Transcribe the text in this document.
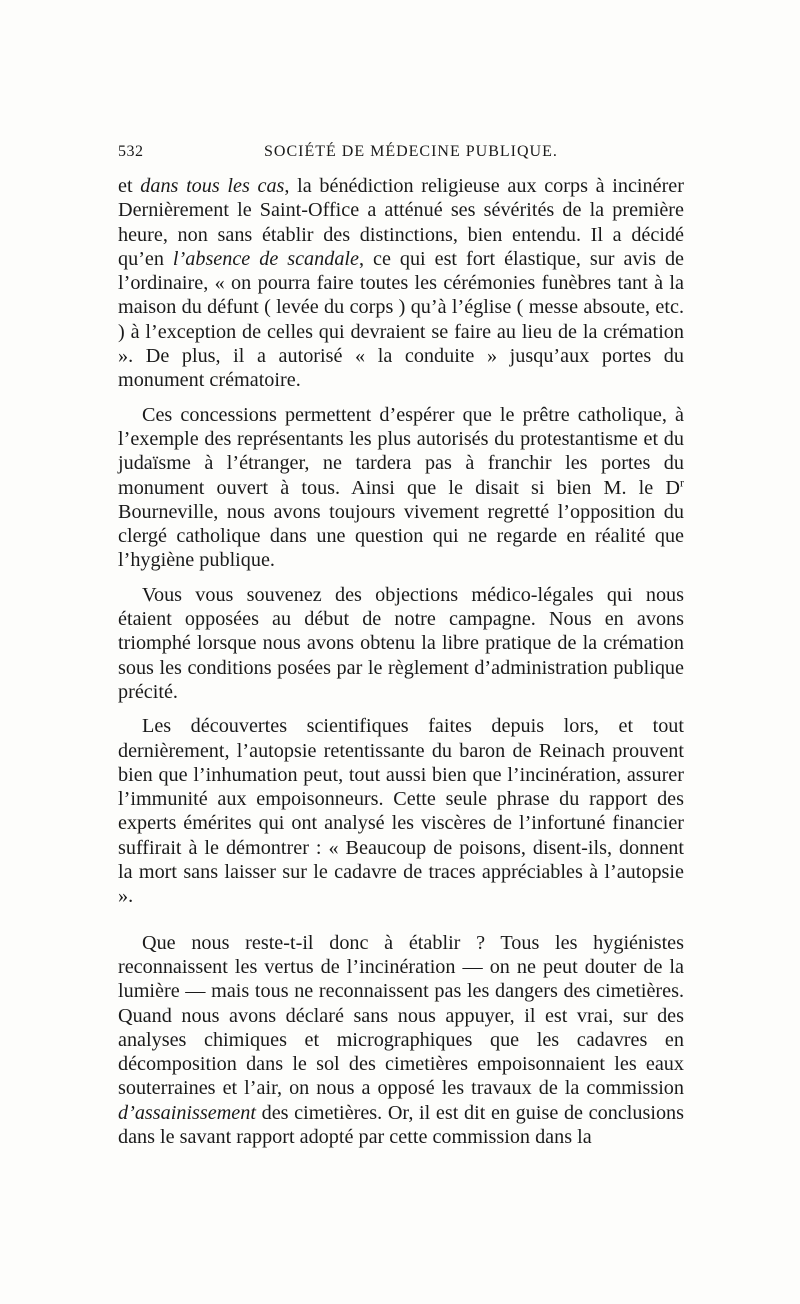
532	SOCIÉTÉ DE MÉDECINE PUBLIQUE.

et dans tous les cas, la bénédiction religieuse aux corps à incinérer Dernièrement le Saint-Office a atténué ses sévérités de la première heure, non sans établir des distinctions, bien entendu. Il a décidé qu’en l’absence de scandale, ce qui est fort élastique, sur avis de l’ordinaire, « on pourra faire toutes les cérémonies funèbres tant à la maison du défunt ( levée du corps ) qu’à l’église ( messe absoute, etc. ) à l’exception de celles qui devraient se faire au lieu de la crémation ». De plus, il a autorisé « la conduite » jusqu’aux portes du monument crématoire.

Ces concessions permettent d’espérer que le prêtre catholique, à l’exemple des représentants les plus autorisés du protestantisme et du judaïsme à l’étranger, ne tardera pas à franchir les portes du monument ouvert à tous. Ainsi que le disait si bien M. le $D^r$ Bourneville, nous avons toujours vivement regretté l’opposition du clergé catholique dans une question qui ne regarde en réalité que l’hygiène publique.

Vous vous souvenez des objections médico-légales qui nous étaient opposées au début de notre campagne. Nous en avons triomphé lorsque nous avons obtenu la libre pratique de la crémation sous les conditions posées par le règlement d’administration publique précité.

Les découvertes scientifiques faites depuis lors, et tout dernièrement, l’autopsie retentissante du baron de Reinach prouvent bien que l’inhumation peut, tout aussi bien que l’incinération, assurer l’immunité aux empoisonneurs. Cette seule phrase du rapport des experts émérites qui ont analysé les viscères de l’infortuné financier suffirait à le démontrer : « Beaucoup de poisons, disent-ils, donnent la mort sans laisser sur le cadavre de traces appréciables à l’autopsie ».

Que nous reste-t-il donc à établir ? Tous les hygiénistes reconnaissent les vertus de l’incinération — on ne peut douter de la lumière — mais tous ne reconnaissent pas les dangers des cimetières. Quand nous avons déclaré sans nous appuyer, il est vrai, sur des analyses chimiques et micrographiques que les cadavres en décomposition dans le sol des cimetières empoisonnaient les eaux souterraines et l’air, on nous a opposé les travaux de la commission d’assainissement des cimetières. Or, il est dit en guise de conclusions dans le savant rapport adopté par cette commission dans la
